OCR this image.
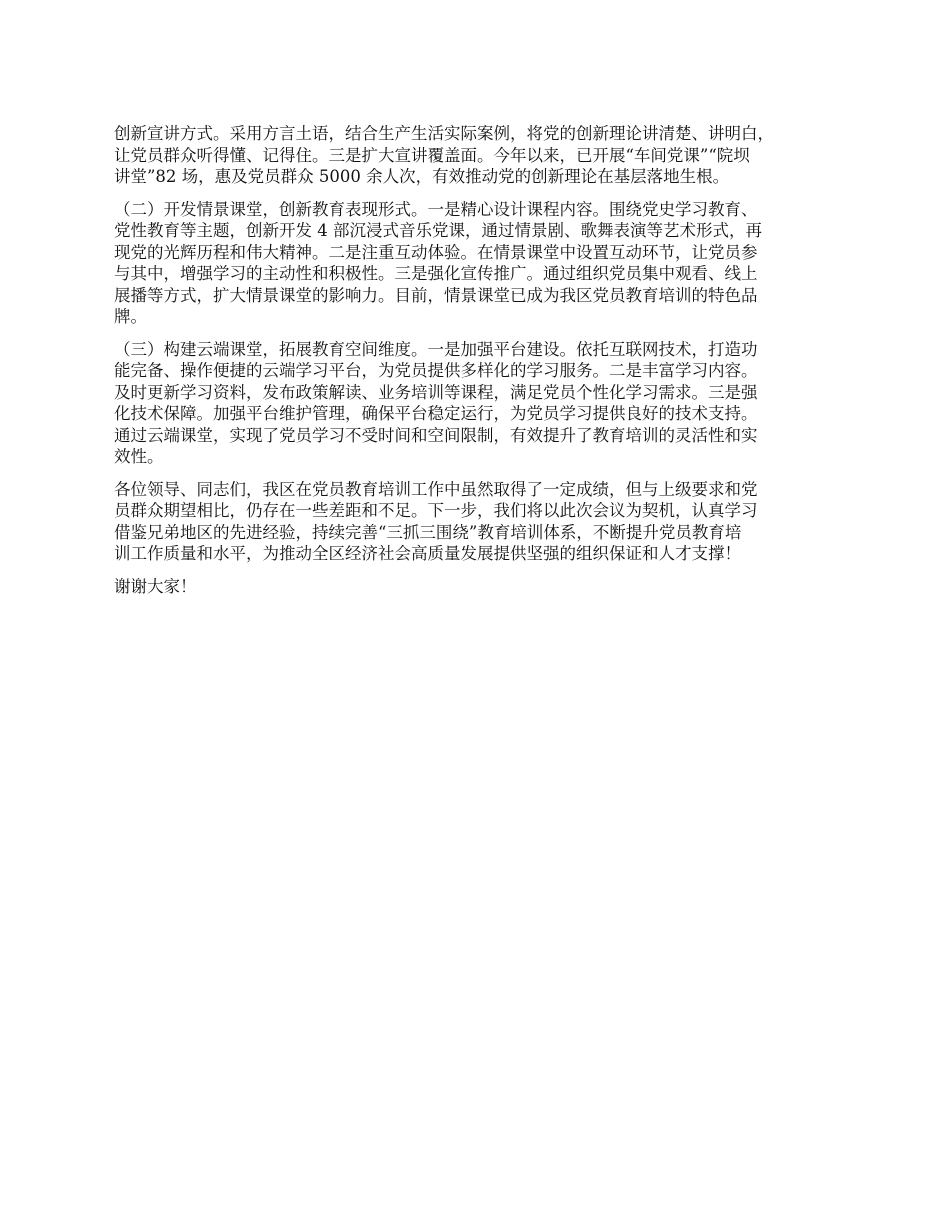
创新宣讲方式。采用方言土语，结合生产生活实际案例，将党的创新理论讲清楚、讲明白，
让党员群众听得懂、记得住。三是扩大宣讲覆盖面。今年以来，已开展“车间党课”“院坝
讲堂”82 场，惠及党员群众 5000 余人次，有效推动党的创新理论在基层落地生根。

（二）开发情景课堂，创新教育表现形式。一是精心设计课程内容。围绕党史学习教育、
党性教育等主题，创新开发 4 部沉浸式音乐党课，通过情景剧、歌舞表演等艺术形式，再
现党的光辉历程和伟大精神。二是注重互动体验。在情景课堂中设置互动环节，让党员参
与其中，增强学习的主动性和积极性。三是强化宣传推广。通过组织党员集中观看、线上
展播等方式，扩大情景课堂的影响力。目前，情景课堂已成为我区党员教育培训的特色品
牌。

（三）构建云端课堂，拓展教育空间维度。一是加强平台建设。依托互联网技术，打造功
能完备、操作便捷的云端学习平台，为党员提供多样化的学习服务。二是丰富学习内容。
及时更新学习资料，发布政策解读、业务培训等课程，满足党员个性化学习需求。三是强
化技术保障。加强平台维护管理，确保平台稳定运行，为党员学习提供良好的技术支持。
通过云端课堂，实现了党员学习不受时间和空间限制，有效提升了教育培训的灵活性和实
效性。

各位领导、同志们，我区在党员教育培训工作中虽然取得了一定成绩，但与上级要求和党
员群众期望相比，仍存在一些差距和不足。下一步，我们将以此次会议为契机，认真学习
借鉴兄弟地区的先进经验，持续完善“三抓三围绕”教育培训体系，不断提升党员教育培
训工作质量和水平，为推动全区经济社会高质量发展提供坚强的组织保证和人才支撑！

谢谢大家！
